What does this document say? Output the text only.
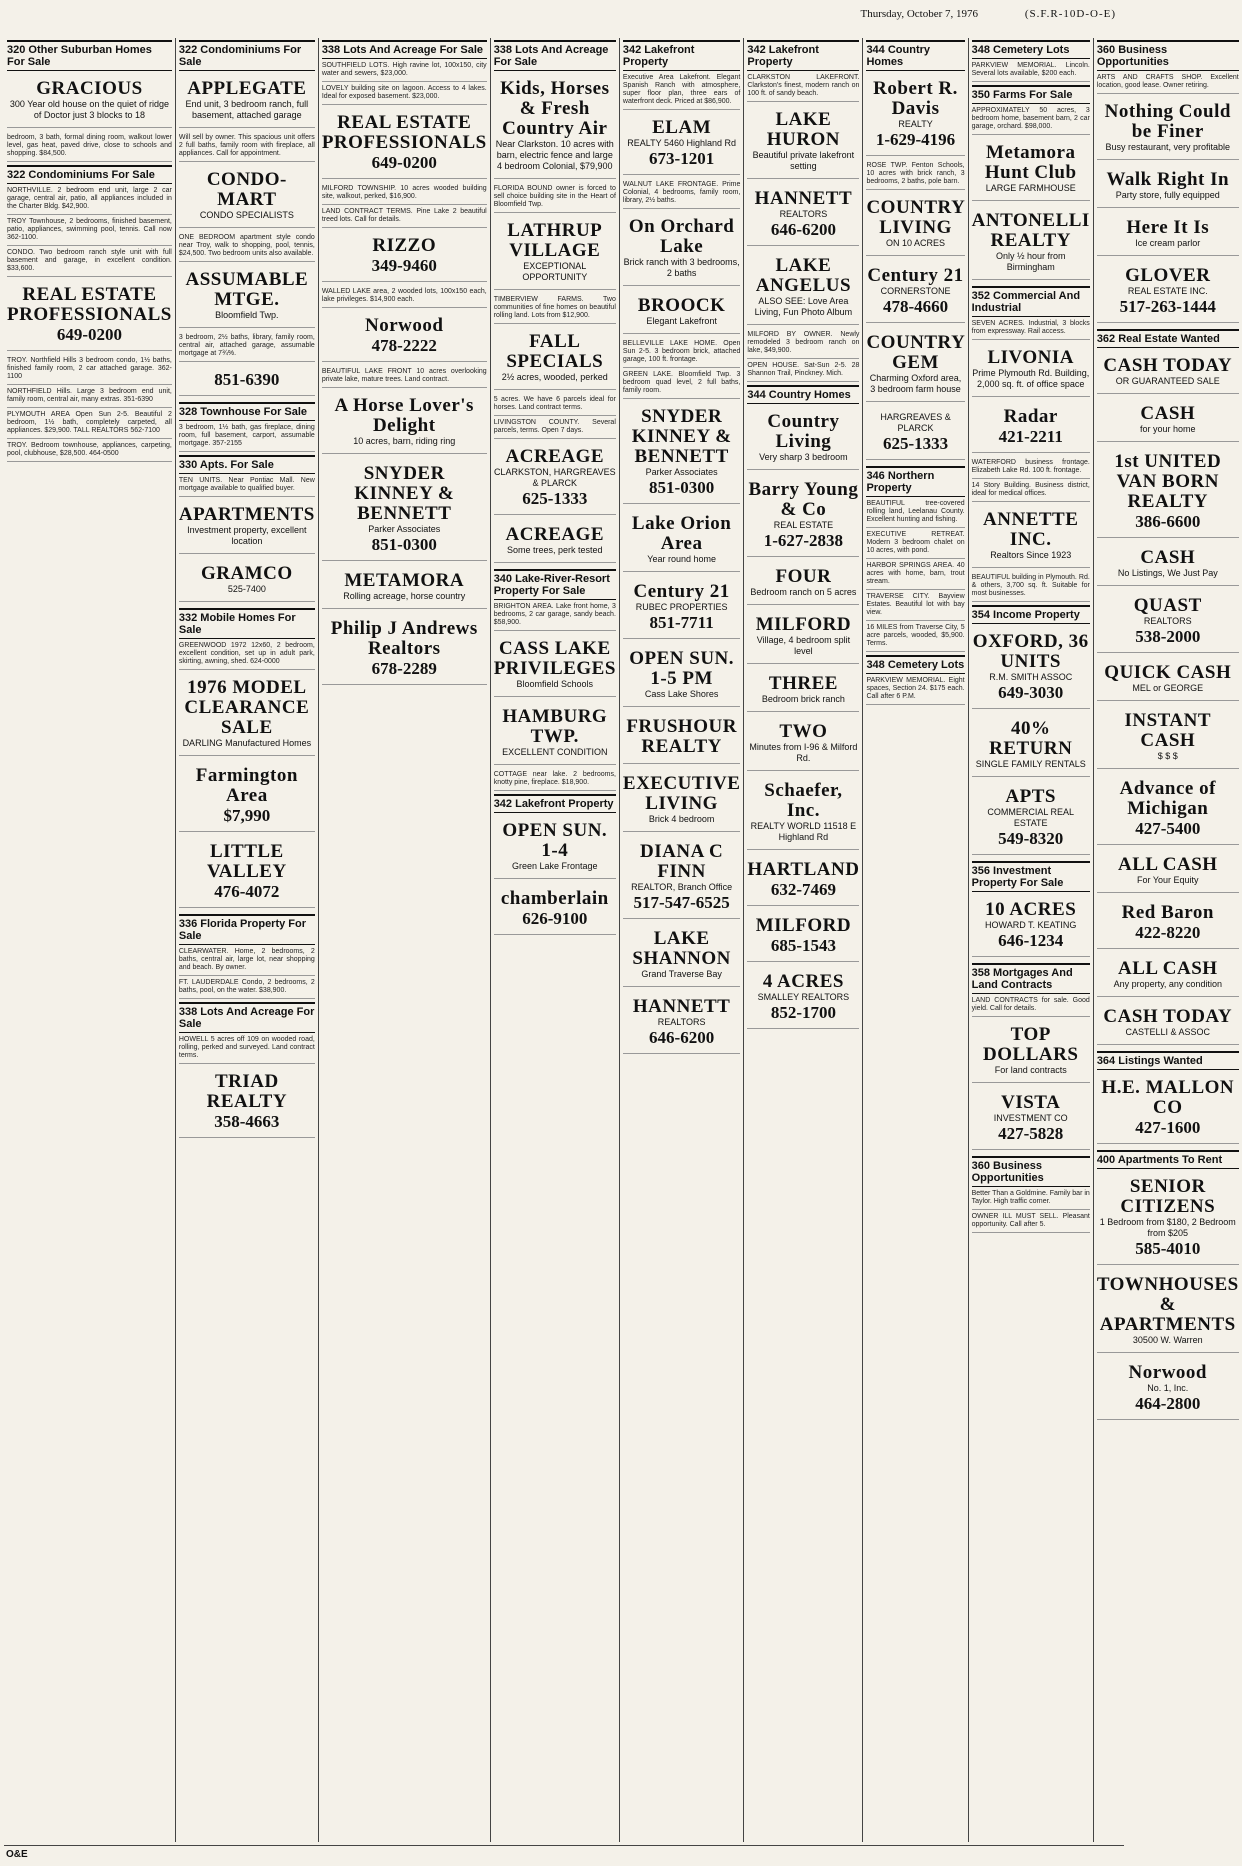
Thursday, October 7, 1976	(S.F.R-10D-O-E)
320 Other Suburban Homes For Sale
GRACIOUS
300 Year old house on the quiet of ridge of Doctor just 3 blocks to 18
bedroom, 3 bath, formal dining room, walkout lower level, gas heat, paved drive, close to schools and shopping. $84,500.
322 Condominiums For Sale
NORTHVILLE. 2 bedroom end unit, large 2 car garage, central air, patio, all appliances included in the Charter Bldg. $42,900.
TROY Townhouse, 2 bedrooms, finished basement, patio, appliances, swimming pool, tennis. Call now 362-1100.
CONDO. Two bedroom ranch style unit with full basement and garage, in excellent condition. $33,600.
REAL ESTATE PROFESSIONALS
649-0200
TROY. Northfield Hills 3 bedroom condo, 1½ baths, finished family room, 2 car attached garage. 362-1100
NORTHFIELD Hills. Large 3 bedroom end unit, family room, central air, many extras. 351-6390
PLYMOUTH AREA Open Sun 2-5. Beautiful 2 bedroom, 1½ bath, completely carpeted, all appliances. $29,900. TALL REALTORS 562-7100
TROY. Bedroom townhouse, appliances, carpeting, pool, clubhouse, $28,500. 464-0500
322 Condominiums For Sale
APPLEGATE
End unit, 3 bedroom ranch, full basement, attached garage
Will sell by owner. This spacious unit offers 2 full baths, family room with fireplace, all appliances. Call for appointment.
CONDO-MART
CONDO SPECIALISTS
ONE BEDROOM apartment style condo near Troy, walk to shopping, pool, tennis, $24,500. Two bedroom units also available.
ASSUMABLE MTGE.
Bloomfield Twp.
3 bedroom, 2½ baths, library, family room, central air, attached garage, assumable mortgage at 7¾%.
851-6390
328 Townhouse For Sale
3 bedroom, 1½ bath, gas fireplace, dining room, full basement, carport, assumable mortgage. 357-2155
330 Apts. For Sale
TEN UNITS. Near Pontiac Mall. New mortgage available to qualified buyer.
APARTMENTS
Investment property, excellent location
GRAMCO
525-7400
332 Mobile Homes For Sale
GREENWOOD 1972 12x60, 2 bedroom, excellent condition, set up in adult park, skirting, awning, shed. 624-0000
1976 MODEL CLEARANCE SALE
DARLING Manufactured Homes
Farmington Area
$7,990
LITTLE VALLEY
476-4072
336 Florida Property For Sale
CLEARWATER. Home, 2 bedrooms, 2 baths, central air, large lot, near shopping and beach. By owner.
FT. LAUDERDALE Condo, 2 bedrooms, 2 baths, pool, on the water. $38,900.
338 Lots And Acreage For Sale
HOWELL 5 acres off 109 on wooded road, rolling, perked and surveyed. Land contract terms.
TRIAD REALTY
358-4663
338 Lots And Acreage For Sale
SOUTHFIELD LOTS. High ravine lot, 100x150, city water and sewers, $23,000.
LOVELY building site on lagoon. Access to 4 lakes. Ideal for exposed basement. $23,000.
REAL ESTATE PROFESSIONALS
649-0200
MILFORD TOWNSHIP. 10 acres wooded building site, walkout, perked, $16,900.
LAND CONTRACT TERMS. Pine Lake 2 beautiful treed lots. Call for details.
RIZZO
349-9460
WALLED LAKE area, 2 wooded lots, 100x150 each, lake privileges. $14,900 each.
Norwood
478-2222
BEAUTIFUL LAKE FRONT 10 acres overlooking private lake, mature trees. Land contract.
A Horse Lover's Delight
10 acres, barn, riding ring
SNYDER KINNEY & BENNETT
Parker Associates
851-0300
METAMORA
Rolling acreage, horse country
Philip J Andrews Realtors
678-2289
338 Lots And Acreage For Sale
Kids, Horses & Fresh Country Air
Near Clarkston. 10 acres with barn, electric fence and large 4 bedroom Colonial, $79,900
FLORIDA BOUND owner is forced to sell choice building site in the Heart of Bloomfield Twp.
LATHRUP VILLAGE
EXCEPTIONAL OPPORTUNITY
TIMBERVIEW FARMS. Two communities of fine homes on beautiful rolling land. Lots from $12,900.
FALL SPECIALS
2½ acres, wooded, perked
5 acres. We have 6 parcels ideal for horses. Land contract terms.
LIVINGSTON COUNTY. Several parcels, terms. Open 7 days.
ACREAGE
CLARKSTON, HARGREAVES & PLARCK
625-1333
ACREAGE
Some trees, perk tested
340 Lake-River-Resort Property For Sale
BRIGHTON AREA. Lake front home, 3 bedrooms, 2 car garage, sandy beach. $58,900.
CASS LAKE PRIVILEGES
Bloomfield Schools
HAMBURG TWP.
EXCELLENT CONDITION
COTTAGE near lake. 2 bedrooms, knotty pine, fireplace. $18,900.
342 Lakefront Property
OPEN SUN. 1-4
Green Lake Frontage
chamberlain
626-9100
342 Lakefront Property
Executive Area Lakefront. Elegant Spanish Ranch with atmosphere, super floor plan, three ears of waterfront deck. Priced at $86,900.
ELAM
REALTY 5460 Highland Rd
673-1201
WALNUT LAKE FRONTAGE. Prime Colonial, 4 bedrooms, family room, library, 2½ baths.
On Orchard Lake
Brick ranch with 3 bedrooms, 2 baths
BROOCK
Elegant Lakefront
BELLEVILLE LAKE HOME. Open Sun 2-5. 3 bedroom brick, attached garage, 100 ft. frontage.
GREEN LAKE. Bloomfield Twp. 3 bedroom quad level, 2 full baths, family room.
SNYDER KINNEY & BENNETT
Parker Associates
851-0300
Lake Orion Area
Year round home
Century 21
RUBEC PROPERTIES
851-7711
OPEN SUN. 1-5 PM
Cass Lake Shores
FRUSHOUR REALTY
EXECUTIVE LIVING
Brick 4 bedroom
DIANA C FINN
REALTOR, Branch Office
517-547-6525
LAKE SHANNON
Grand Traverse Bay
HANNETT
REALTORS
646-6200
342 Lakefront Property
CLARKSTON LAKEFRONT. Clarkston's finest, modern ranch on 100 ft. of sandy beach.
LAKE HURON
Beautiful private lakefront setting
HANNETT
REALTORS
646-6200
LAKE ANGELUS
ALSO SEE: Love Area Living, Fun Photo Album
MILFORD BY OWNER. Newly remodeled 3 bedroom ranch on lake, $49,900.
OPEN HOUSE. Sat-Sun 2-5. 28 Shannon Trail, Pinckney. Mich.
344 Country Homes
Country Living
Very sharp 3 bedroom
Barry Young & Co
REAL ESTATE
1-627-2838
FOUR
Bedroom ranch on 5 acres
MILFORD
Village, 4 bedroom split level
THREE
Bedroom brick ranch
TWO
Minutes from I-96 & Milford Rd.
Schaefer, Inc.
REALTY WORLD 11518 E Highland Rd
HARTLAND
632-7469
MILFORD
685-1543
4 ACRES
SMALLEY REALTORS
852-1700
344 Country Homes
Robert R. Davis
REALTY
1-629-4196
ROSE TWP. Fenton Schools, 10 acres with brick ranch, 3 bedrooms, 2 baths, pole barn.
COUNTRY LIVING
ON 10 ACRES
Century 21
CORNERSTONE
478-4660
COUNTRY GEM
Charming Oxford area, 3 bedroom farm house
HARGREAVES & PLARCK
625-1333
346 Northern Property
BEAUTIFUL tree-covered rolling land, Leelanau County. Excellent hunting and fishing.
EXECUTIVE RETREAT. Modern 3 bedroom chalet on 10 acres, with pond.
HARBOR SPRINGS AREA. 40 acres with home, barn, trout stream.
TRAVERSE CITY. Bayview Estates. Beautiful lot with bay view.
16 MILES from Traverse City, 5 acre parcels, wooded, $5,900. Terms.
348 Cemetery Lots
PARKVIEW MEMORIAL. Eight spaces, Section 24. $175 each. Call after 6 P.M.
348 Cemetery Lots
PARKVIEW MEMORIAL. Lincoln. Several lots available, $200 each.
350 Farms For Sale
APPROXIMATELY 50 acres, 3 bedroom home, basement barn, 2 car garage, orchard. $98,000.
Metamora Hunt Club
LARGE FARMHOUSE
ANTONELLI REALTY
Only ½ hour from Birmingham
352 Commercial And Industrial
SEVEN ACRES. Industrial, 3 blocks from expressway. Rail access.
LIVONIA
Prime Plymouth Rd. Building, 2,000 sq. ft. of office space
Radar
421-2211
WATERFORD business frontage. Elizabeth Lake Rd. 100 ft. frontage.
14 Story Building. Business district, ideal for medical offices.
ANNETTE INC.
Realtors Since 1923
BEAUTIFUL building in Plymouth. Rd. & others, 3,700 sq. ft. Suitable for most businesses.
354 Income Property
OXFORD, 36 UNITS
R.M. SMITH ASSOC
649-3030
40% RETURN
SINGLE FAMILY RENTALS
APTS
COMMERCIAL REAL ESTATE
549-8320
356 Investment Property For Sale
10 ACRES
HOWARD T. KEATING
646-1234
358 Mortgages And Land Contracts
LAND CONTRACTS for sale. Good yield. Call for details.
TOP DOLLARS
For land contracts
VISTA
INVESTMENT CO
427-5828
360 Business Opportunities
Better Than a Goldmine. Family bar in Taylor. High traffic corner.
OWNER ILL MUST SELL. Pleasant opportunity. Call after 5.
360 Business Opportunities
ARTS AND CRAFTS SHOP. Excellent location, good lease. Owner retiring.
Nothing Could be Finer
Busy restaurant, very profitable
Walk Right In
Party store, fully equipped
Here It Is
Ice cream parlor
GLOVER
REAL ESTATE INC.
517-263-1444
362 Real Estate Wanted
CASH TODAY
OR GUARANTEED SALE
CASH
for your home
1st UNITED VAN BORN REALTY
386-6600
CASH
No Listings, We Just Pay
QUAST
REALTORS
538-2000
QUICK CASH
MEL or GEORGE
INSTANT CASH
$ $ $
Advance of Michigan
427-5400
ALL CASH
For Your Equity
Red Baron
422-8220
ALL CASH
Any property, any condition
CASH TODAY
CASTELLI & ASSOC
364 Listings Wanted
H.E. MALLON CO
427-1600
400 Apartments To Rent
SENIOR CITIZENS
1 Bedroom from $180, 2 Bedroom from $205
585-4010
TOWNHOUSES & APARTMENTS
30500 W. Warren
Norwood
No. 1, Inc.
464-2800
O&E
